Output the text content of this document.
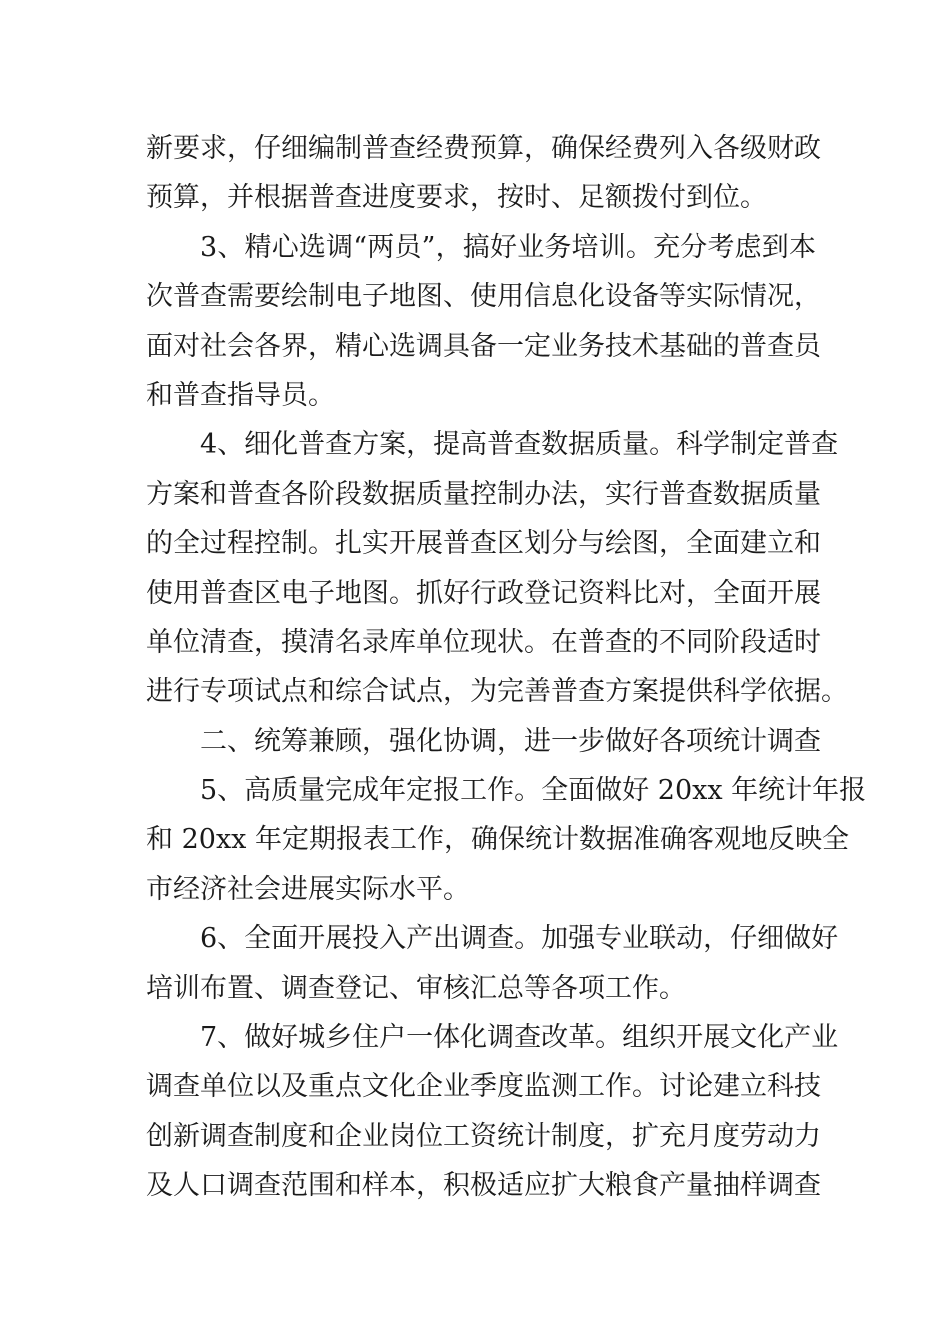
新要求，仔细编制普查经费预算，确保经费列入各级财政
预算，并根据普查进度要求，按时、足额拨付到位。
3、精心选调“两员”，搞好业务培训。充分考虑到本
次普查需要绘制电子地图、使用信息化设备等实际情况，
面对社会各界，精心选调具备一定业务技术基础的普查员
和普查指导员。
4、细化普查方案，提高普查数据质量。科学制定普查
方案和普查各阶段数据质量控制办法，实行普查数据质量
的全过程控制。扎实开展普查区划分与绘图，全面建立和
使用普查区电子地图。抓好行政登记资料比对，全面开展
单位清查，摸清名录库单位现状。在普查的不同阶段适时
进行专项试点和综合试点，为完善普查方案提供科学依据。
二、统筹兼顾，强化协调，进一步做好各项统计调查
5、高质量完成年定报工作。全面做好 20xx 年统计年报
和 20xx 年定期报表工作，确保统计数据准确客观地反映全
市经济社会进展实际水平。
6、全面开展投入产出调查。加强专业联动，仔细做好
培训布置、调查登记、审核汇总等各项工作。
7、做好城乡住户一体化调查改革。组织开展文化产业
调查单位以及重点文化企业季度监测工作。讨论建立科技
创新调查制度和企业岗位工资统计制度，扩充月度劳动力
及人口调查范围和样本，积极适应扩大粮食产量抽样调查
